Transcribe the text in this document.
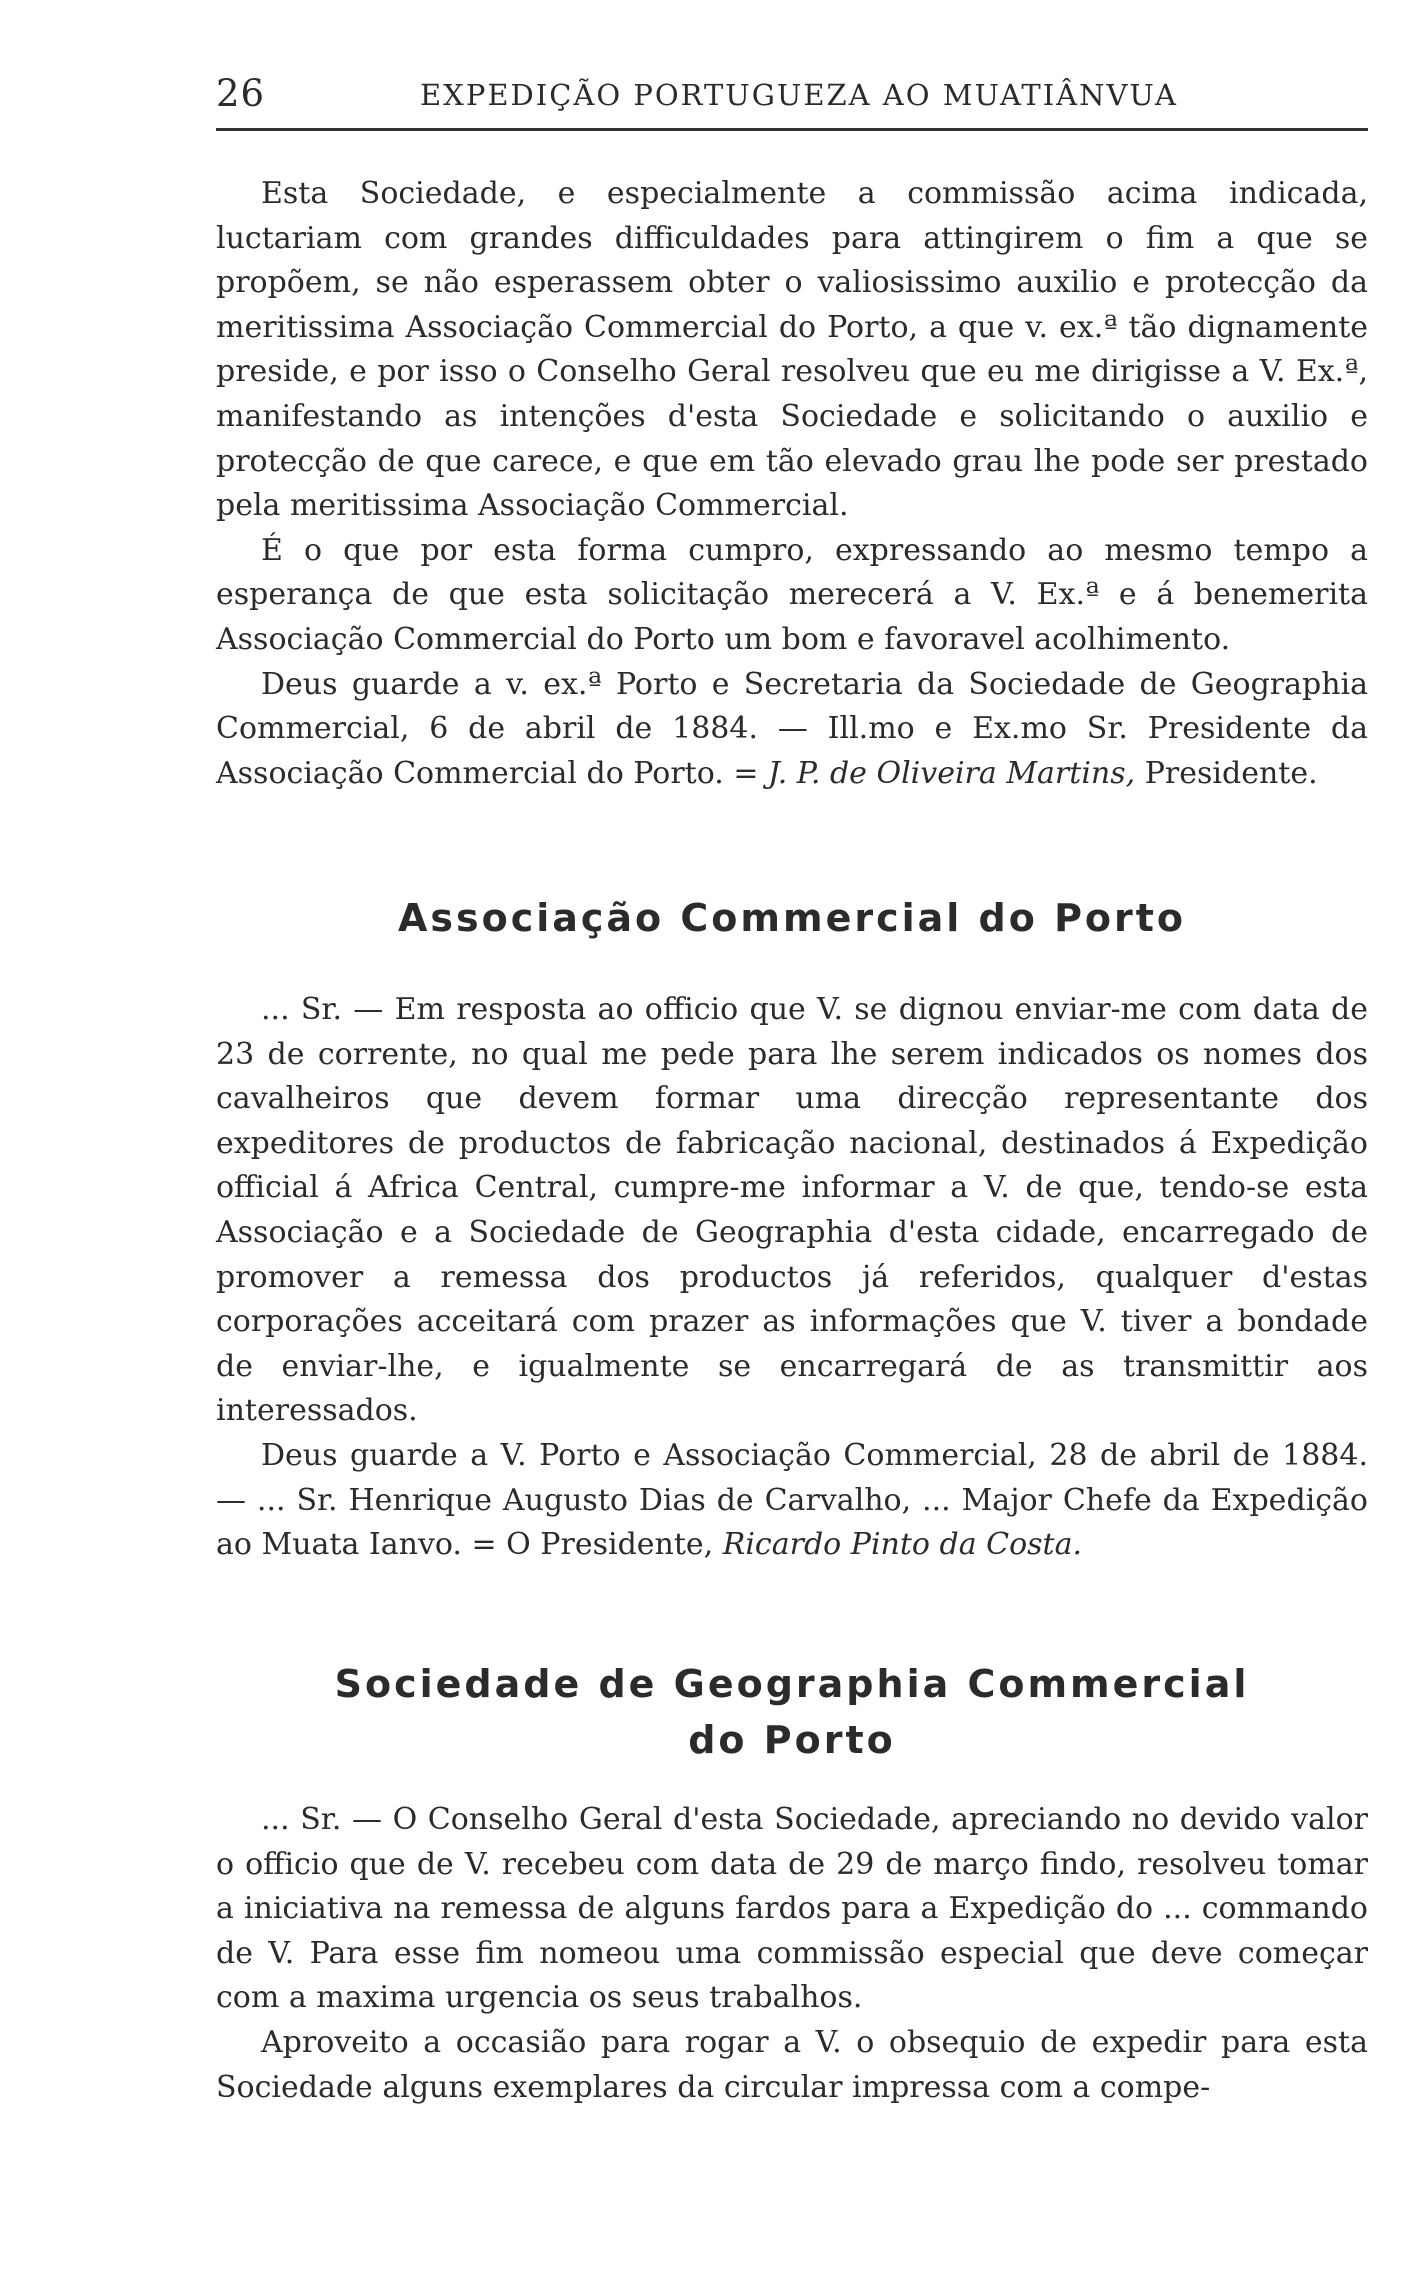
26	EXPEDIÇÃO PORTUGUEZA AO MUATIÂNVUA

Esta Sociedade, e especialmente a commissão acima indicada, luctariam com grandes difficuldades para attingirem o fim a que se propõem, se não esperassem obter o valiosissimo auxilio e protecção da meritissima Associação Commercial do Porto, a que v. ex.ª tão dignamente preside, e por isso o Conselho Geral resolveu que eu me dirigisse a V. Ex.ª, manifestando as intenções d'esta Sociedade e solicitando o auxilio e protecção de que carece, e que em tão elevado grau lhe pode ser prestado pela meritissima Associação Commercial.

É o que por esta forma cumpro, expressando ao mesmo tempo a esperança de que esta solicitação merecerá a V. Ex.ª e á benemerita Associação Commercial do Porto um bom e favoravel acolhimento.

Deus guarde a v. ex.ª Porto e Secretaria da Sociedade de Geographia Commercial, 6 de abril de 1884. — Ill.mo e Ex.mo Sr. Presidente da Associação Commercial do Porto. = J. P. de Oliveira Martins, Presidente.

Associação Commercial do Porto

... Sr. — Em resposta ao officio que V. se dignou enviar-me com data de 23 de corrente, no qual me pede para lhe serem indicados os nomes dos cavalheiros que devem formar uma direcção representante dos expeditores de productos de fabricação nacional, destinados á Expedição official á Africa Central, cumpre-me informar a V. de que, tendo-se esta Associação e a Sociedade de Geographia d'esta cidade, encarregado de promover a remessa dos productos já referidos, qualquer d'estas corporações acceitará com prazer as informações que V. tiver a bondade de enviar-lhe, e igualmente se encarregará de as transmittir aos interessados.

Deus guarde a V. Porto e Associação Commercial, 28 de abril de 1884. — ... Sr. Henrique Augusto Dias de Carvalho, ... Major Chefe da Expedição ao Muata Ianvo. = O Presidente, Ricardo Pinto da Costa.

Sociedade de Geographia Commercial
do Porto

... Sr. — O Conselho Geral d'esta Sociedade, apreciando no devido valor o officio que de V. recebeu com data de 29 de março findo, resolveu tomar a iniciativa na remessa de alguns fardos para a Expedição do ... commando de V. Para esse fim nomeou uma commissão especial que deve começar com a maxima urgencia os seus trabalhos.

Aproveito a occasião para rogar a V. o obsequio de expedir para esta Sociedade alguns exemplares da circular impressa com a compe-
